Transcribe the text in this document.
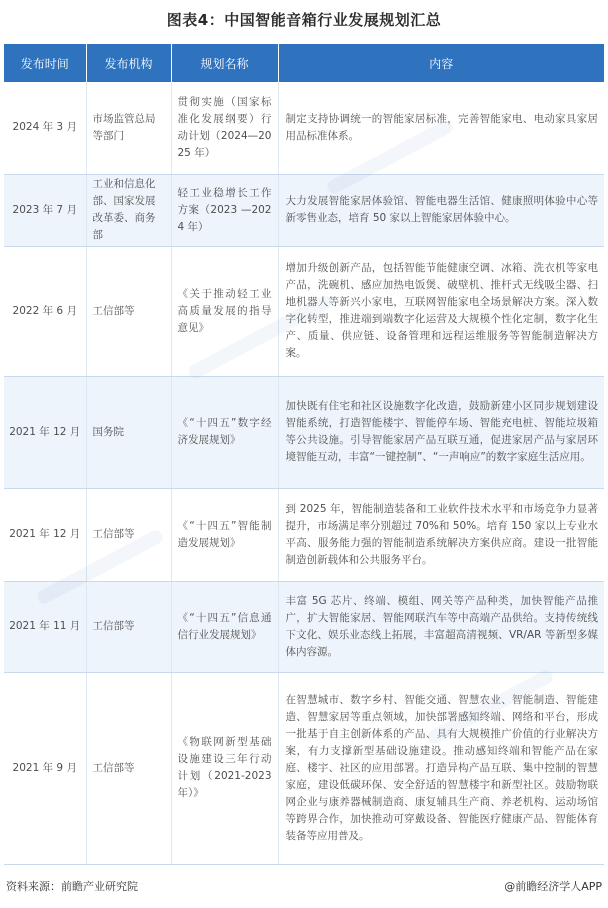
图表4：中国智能音箱行业发展规划汇总
发布时间	发布机构	规划名称	内容
2024 年 3 月	市场监管总局等部门	贯彻实施（国家标准化发展纲要）行动计划（2024—2025 年）	制定支持协调统一的智能家居标准，完善智能家电、电动家具家居用品标准体系。
2023 年 7 月	工业和信息化部、国家发展改革委、商务部	轻工业稳增长工作方案（2023 —2024 年）	大力发展智能家居体验馆、智能电器生活馆、健康照明体验中心等新零售业态，培育 50 家以上智能家居体验中心。
2022 年 6 月	工信部等	《关于推动轻工业高质量发展的指导意见》	增加升级创新产品，包括智能节能健康空调、冰箱、洗衣机等家电产品，洗碗机、感应加热电饭煲、破壁机、推杆式无线吸尘器、扫地机器人等新兴小家电，互联网智能家电全场景解决方案。深入数字化转型，推进端到端数字化运营及大规模个性化定制，数字化生产、质量、供应链、设备管理和远程运维服务等智能制造解决方案。
2021 年 12 月	国务院	《“十四五”数字经济发展规划》	加快既有住宅和社区设施数字化改造，鼓励新建小区同步规划建设智能系统，打造智能楼宇、智能停车场、智能充电桩、智能垃圾箱等公共设施。引导智能家居产品互联互通，促进家居产品与家居环境智能互动，丰富“一键控制”、“一声响应”的数字家庭生活应用。
2021 年 12 月	工信部等	《“十四五”智能制造发展规划》	到 2025 年，智能制造装备和工业软件技术水平和市场竞争力显著提升，市场满足率分别超过 70%和 50%。培育 150 家以上专业水平高、服务能力强的智能制造系统解决方案供应商。建设一批智能制造创新载体和公共服务平台。
2021 年 11 月	工信部等	《“十四五”信息通信行业发展规划》	丰富 5G 芯片、终端、模组、网关等产品种类，加快智能产品推广，扩大智能家居、智能网联汽车等中高端产品供给。支持传统线下文化、娱乐业态线上拓展，丰富超高清视频、VR/AR 等新型多媒体内容源。
2021 年 9 月	工信部等	《物联网新型基础设施建设三年行动计划（2021-2023年）》	在智慧城市、数字乡村、智能交通、智慧农业、智能制造、智能建造、智慧家居等重点领域，加快部署感知终端、网络和平台，形成一批基于自主创新体系的产品、具有大规模推广价值的行业解决方案，有力支撑新型基础设施建设。推动感知终端和智能产品在家庭、楼宇、社区的应用部署。打造异构产品互联、集中控制的智慧家庭，建设低碳环保、安全舒适的智慧楼宇和新型社区。鼓励物联网企业与康养器械制造商、康复辅具生产商、养老机构、运动场馆等跨界合作，加快推动可穿戴设备、智能医疗健康产品、智能体育装备等应用普及。
资料来源：前瞻产业研究院	@前瞻经济学人APP
